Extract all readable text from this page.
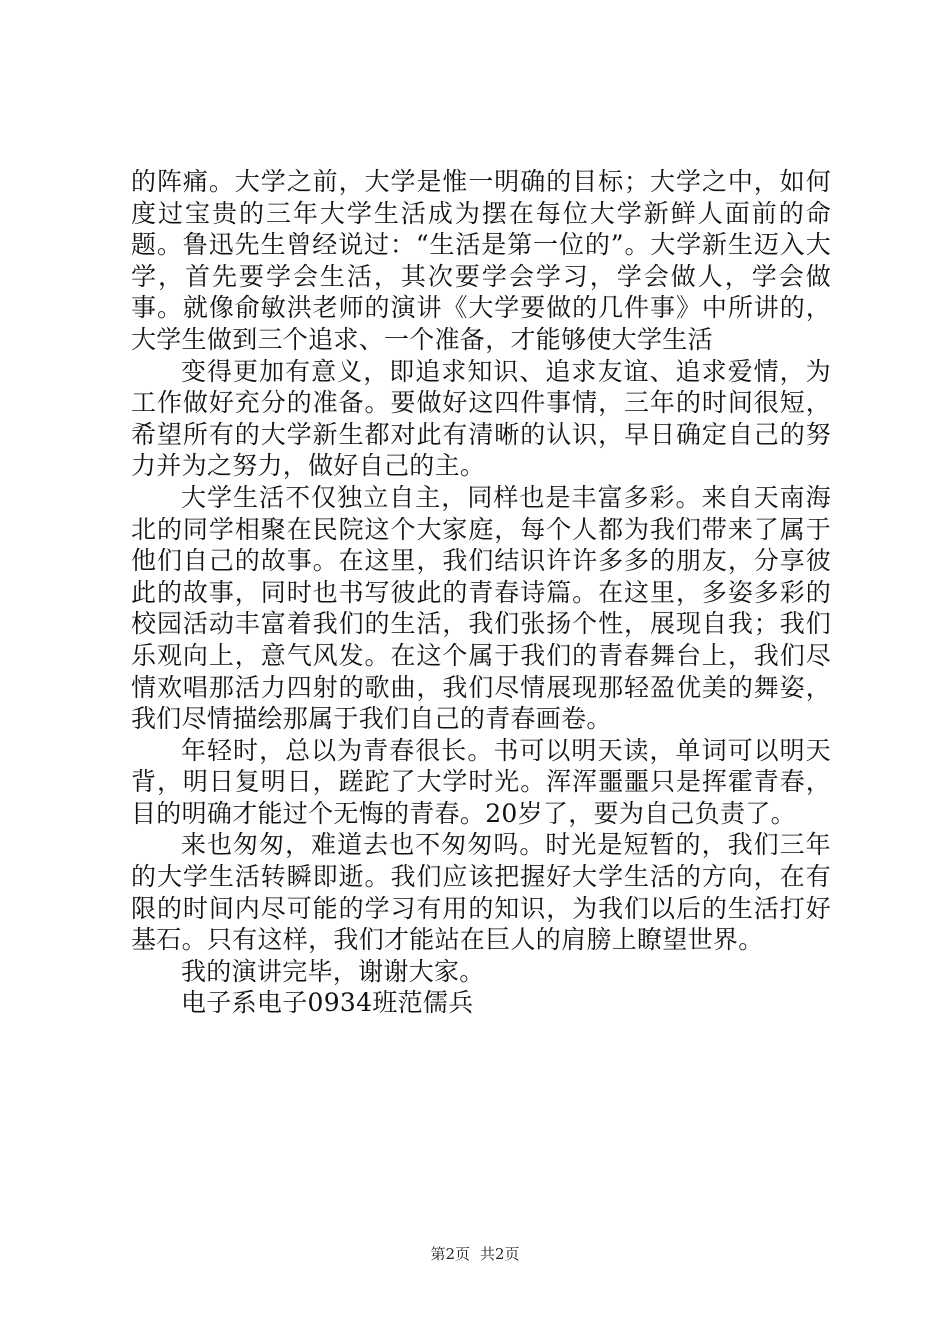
的阵痛。大学之前，大学是惟一明确的目标；大学之中，如何度过宝贵的三年大学生活成为摆在每位大学新鲜人面前的命题。鲁迅先生曾经说过：“生活是第一位的”。大学新生迈入大学，首先要学会生活，其次要学会学习，学会做人，学会做事。就像俞敏洪老师的演讲《大学要做的几件事》中所讲的，大学生做到三个追求、一个准备，才能够使大学生活

变得更加有意义，即追求知识、追求友谊、追求爱情，为工作做好充分的准备。要做好这四件事情，三年的时间很短，希望所有的大学新生都对此有清晰的认识，早日确定自己的努力并为之努力，做好自己的主。

大学生活不仅独立自主，同样也是丰富多彩。来自天南海北的同学相聚在民院这个大家庭，每个人都为我们带来了属于他们自己的故事。在这里，我们结识许许多多的朋友，分享彼此的故事，同时也书写彼此的青春诗篇。在这里，多姿多彩的校园活动丰富着我们的生活，我们张扬个性，展现自我；我们乐观向上，意气风发。在这个属于我们的青春舞台上，我们尽情欢唱那活力四射的歌曲，我们尽情展现那轻盈优美的舞姿，我们尽情描绘那属于我们自己的青春画卷。

年轻时，总以为青春很长。书可以明天读，单词可以明天背，明日复明日，蹉跎了大学时光。浑浑噩噩只是挥霍青春，目的明确才能过个无悔的青春。20岁了，要为自己负责了。

来也匆匆，难道去也不匆匆吗。时光是短暂的，我们三年的大学生活转瞬即逝。我们应该把握好大学生活的方向，在有限的时间内尽可能的学习有用的知识，为我们以后的生活打好基石。只有这样，我们才能站在巨人的肩膀上瞭望世界。

我的演讲完毕，谢谢大家。

电子系电子0934班范儒兵

第2页 共2页
